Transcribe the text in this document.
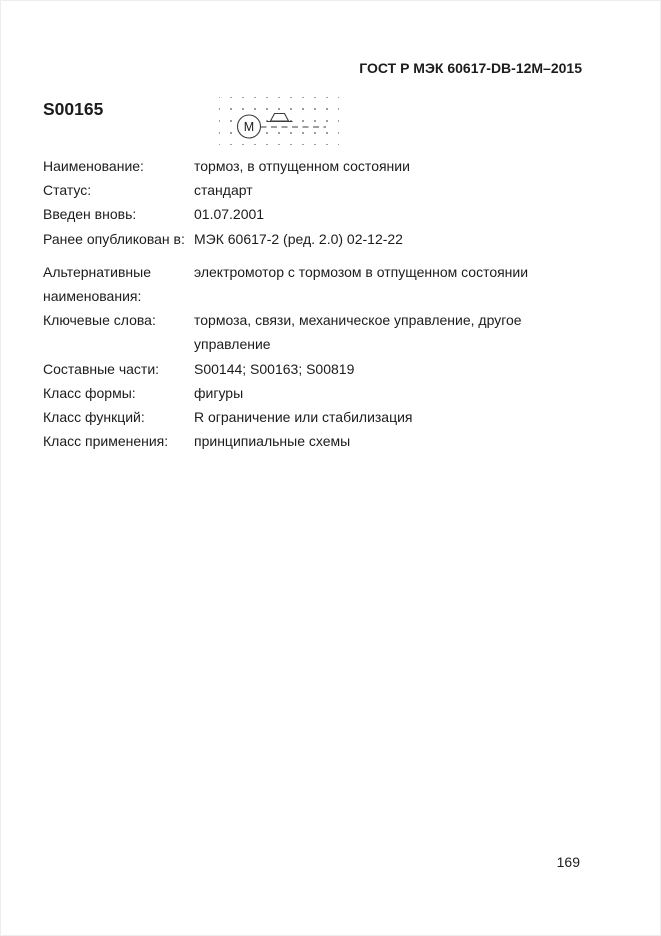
ГОСТ Р МЭК 60617-DB-12M–2015
S00165
M
Наименование:	тормоз, в отпущенном состоянии
Статус:	стандарт
Введен вновь:	01.07.2001
Ранее опубликован в: МЭК 60617-2 (ред. 2.0) 02-12-22
Альтернативные наименования:
электромотор с тормозом в отпущенном состоянии
Ключевые слова:	тормоза, связи, механическое управление, другое управление
Составные части:	S00144; S00163; S00819
Класс формы:	фигуры
Класс функций:	R ограничение или стабилизация
Класс применения:	принципиальные схемы
169
